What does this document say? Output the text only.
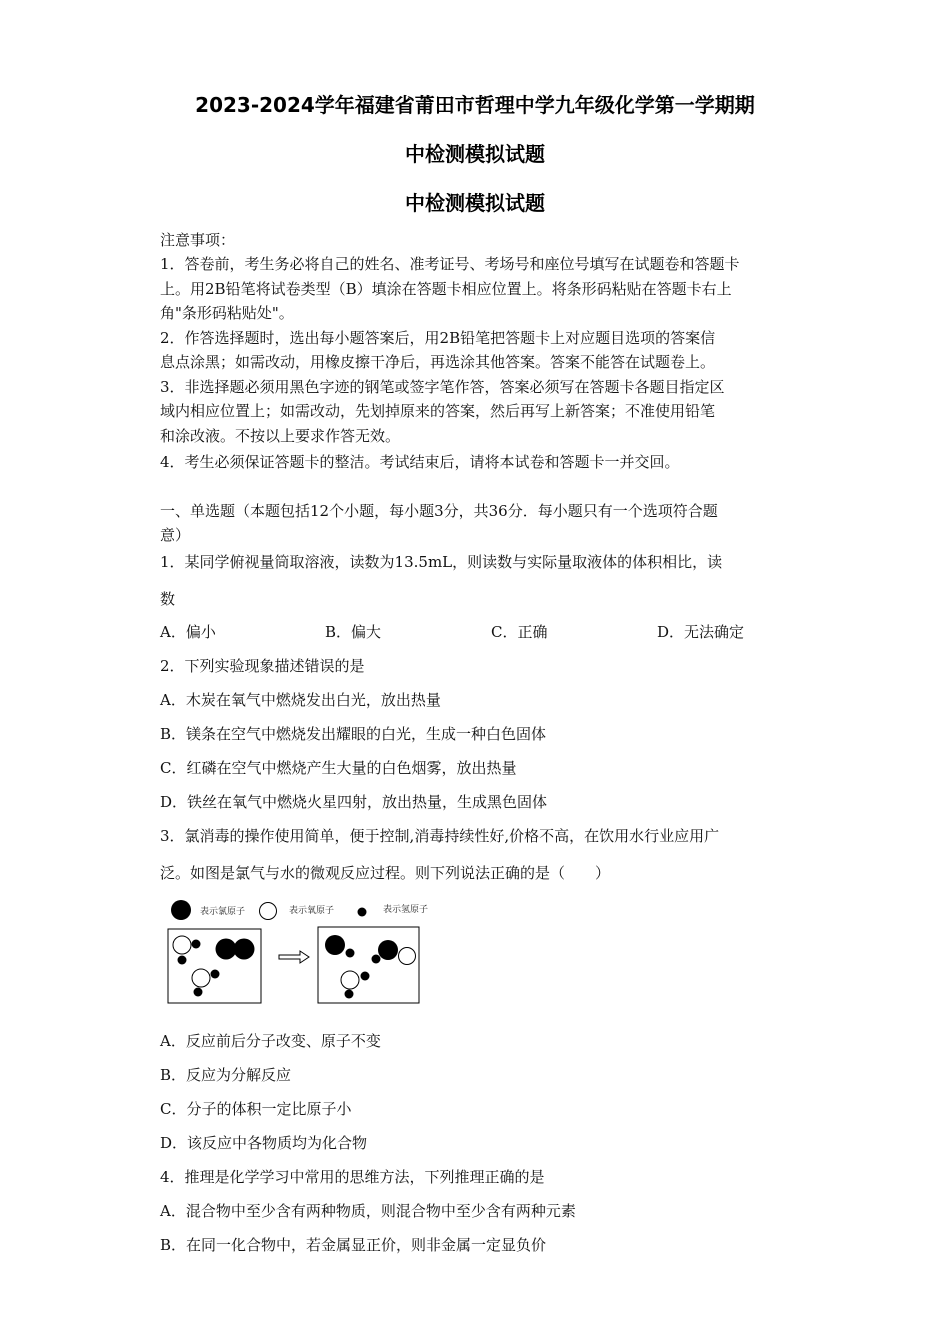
2023-2024学年福建省莆田市哲理中学九年级化学第一学期期
中检测模拟试题
中检测模拟试题
注意事项：
1．答卷前，考生务必将自己的姓名、准考证号、考场号和座位号填写在试题卷和答题卡
上。用2B铅笔将试卷类型（B）填涂在答题卡相应位置上。将条形码粘贴在答题卡右上
角"条形码粘贴处"。
2．作答选择题时，选出每小题答案后，用2B铅笔把答题卡上对应题目选项的答案信
息点涂黑；如需改动，用橡皮擦干净后，再选涂其他答案。答案不能答在试题卷上。
3．非选择题必须用黑色字迹的钢笔或签字笔作答，答案必须写在答题卡各题目指定区
域内相应位置上；如需改动，先划掉原来的答案，然后再写上新答案；不准使用铅笔
和涂改液。不按以上要求作答无效。
4．考生必须保证答题卡的整洁。考试结束后，请将本试卷和答题卡一并交回。
一、单选题（本题包括12个小题，每小题3分，共36分．每小题只有一个选项符合题
意）
1．某同学俯视量筒取溶液，读数为13.5mL，则读数与实际量取液体的体积相比，读
数
A．偏小	B．偏大	C．正确	D．无法确定
2．下列实验现象描述错误的是
A．木炭在氧气中燃烧发出白光，放出热量
B．镁条在空气中燃烧发出耀眼的白光，生成一种白色固体
C．红磷在空气中燃烧产生大量的白色烟雾，放出热量
D．铁丝在氧气中燃烧火星四射，放出热量，生成黑色固体
3．氯消毒的操作使用简单，便于控制,消毒持续性好,价格不高，在饮用水行业应用广
泛。如图是氯气与水的微观反应过程。则下列说法正确的是（　　）
表示氯原子	表示氧原子	表示氢原子
A．反应前后分子改变、原子不变
B．反应为分解反应
C．分子的体积一定比原子小
D．该反应中各物质均为化合物
4．推理是化学学习中常用的思维方法，下列推理正确的是
A．混合物中至少含有两种物质，则混合物中至少含有两种元素
B．在同一化合物中，若金属显正价，则非金属一定显负价
